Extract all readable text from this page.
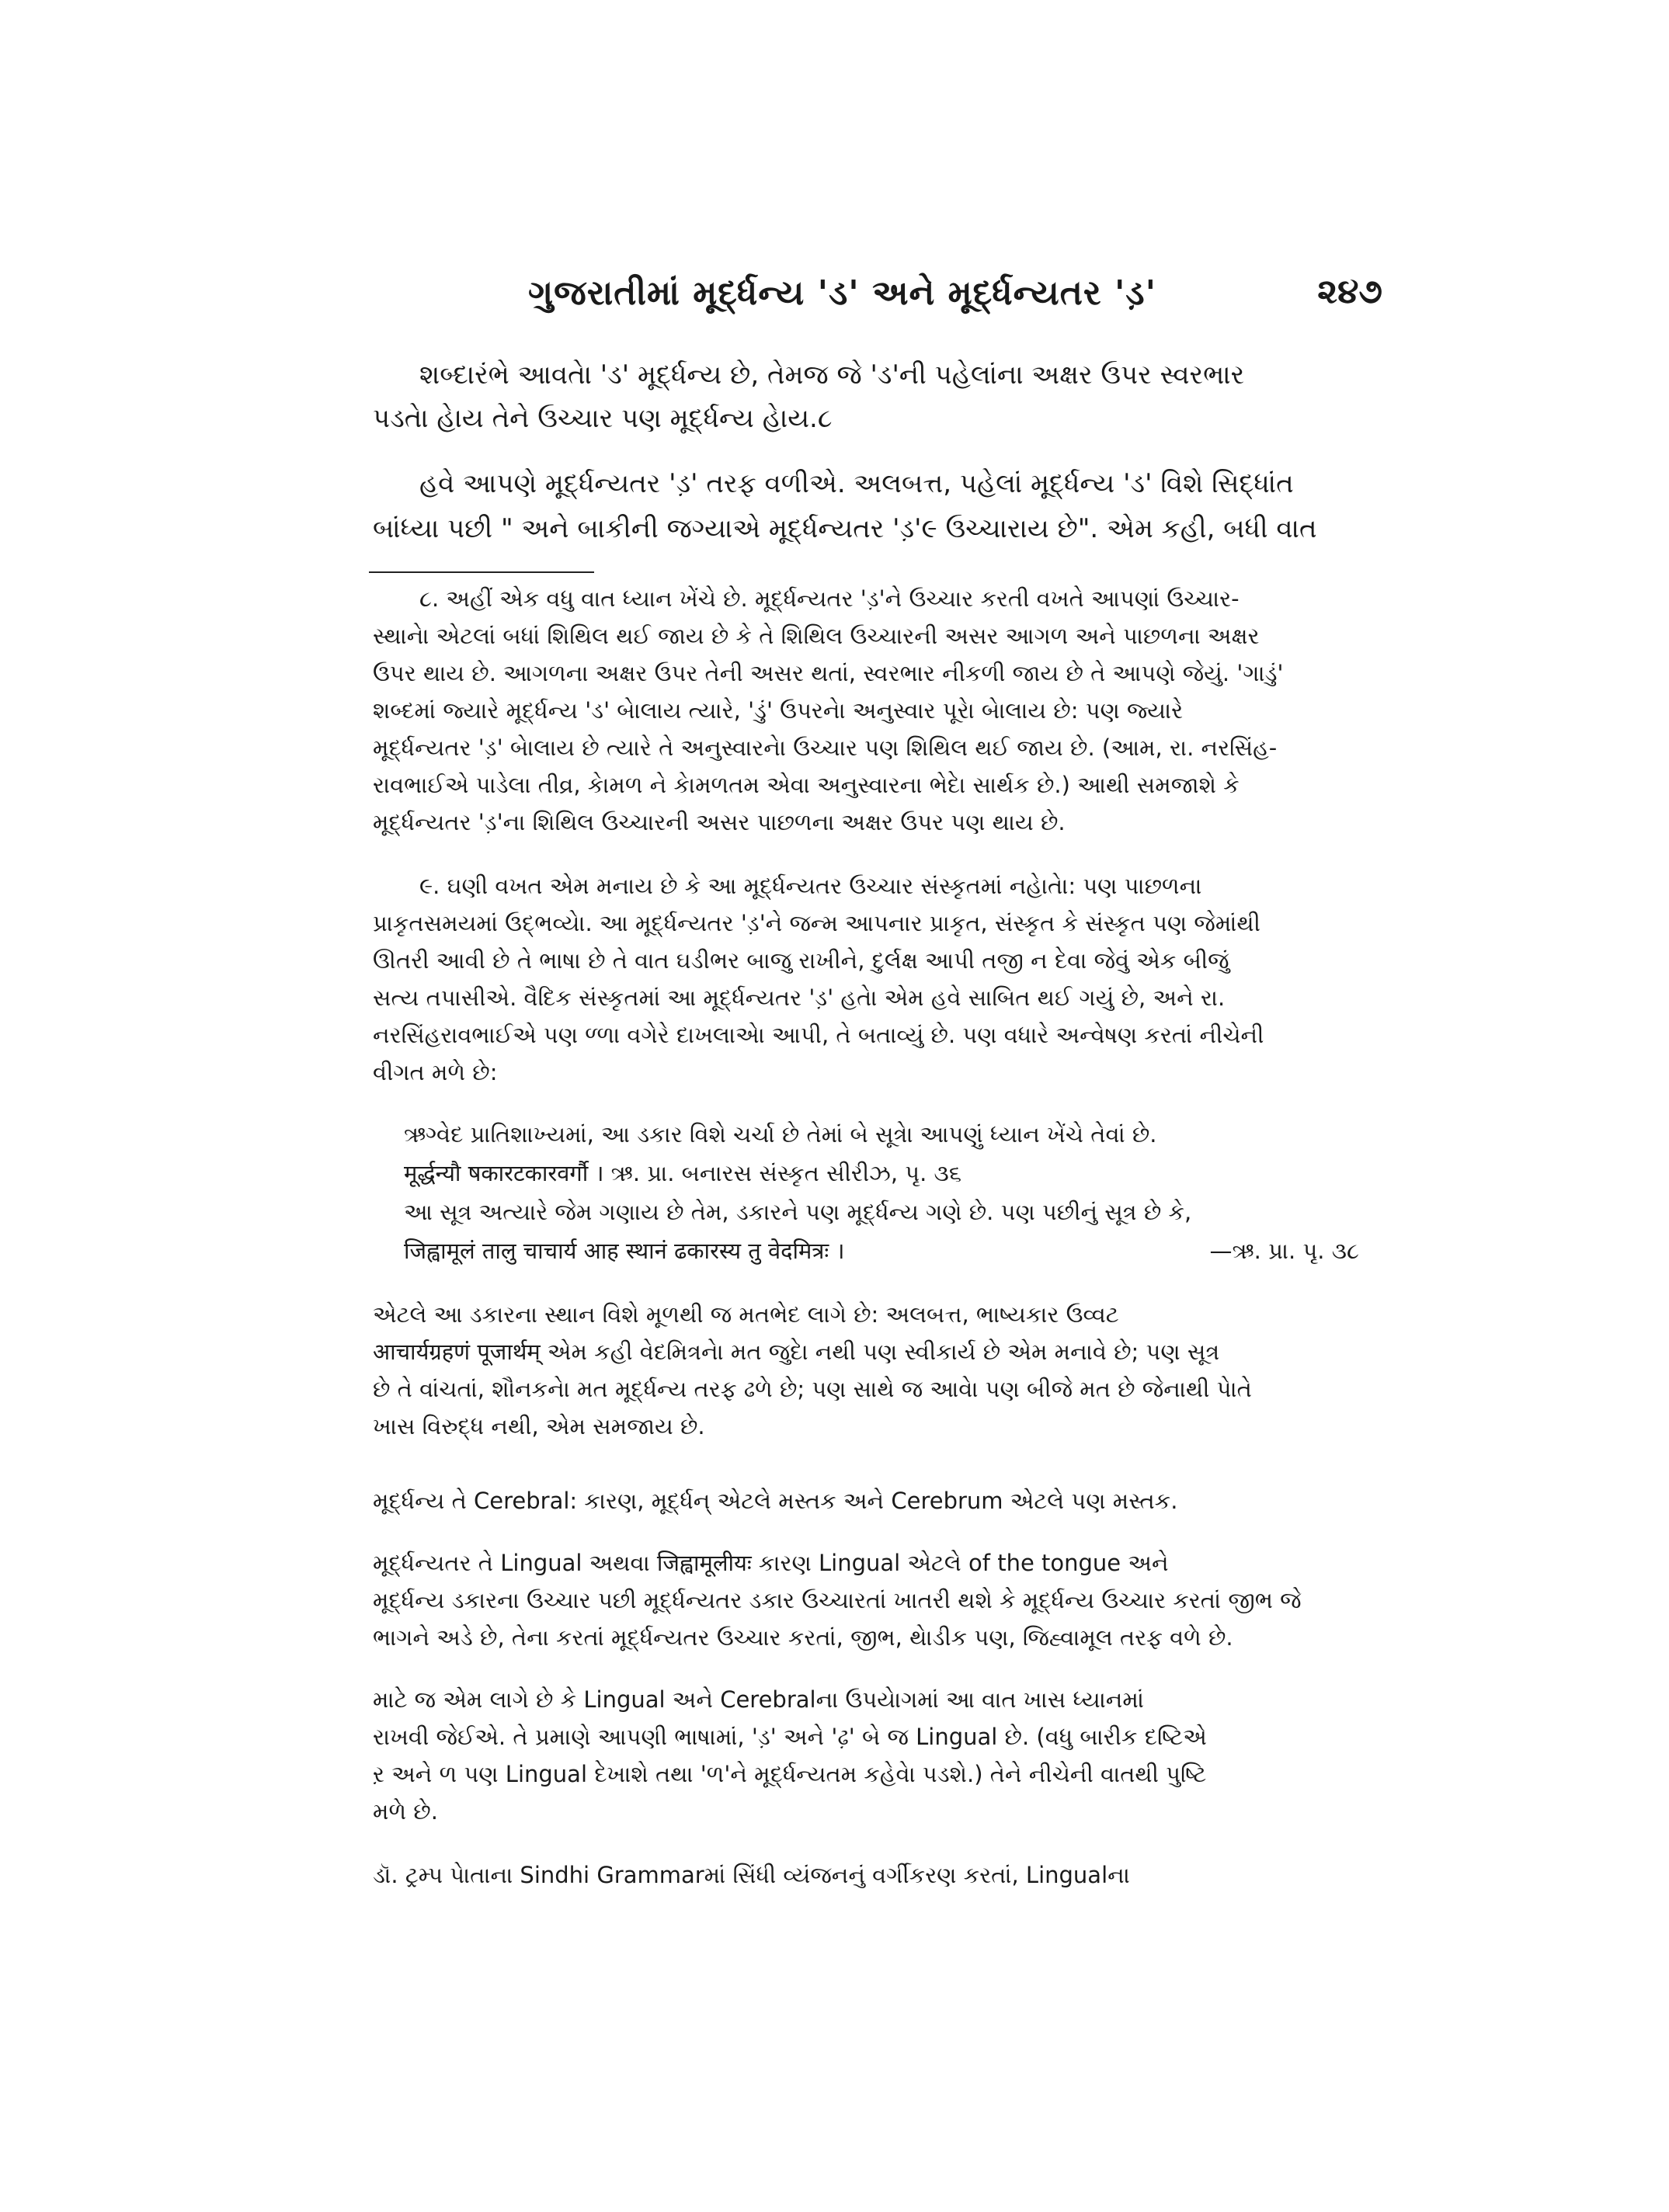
ગુજરાતીમાં મૂર્દ્ધન્ય 'ડ' અને મૂર્દ્ધન્યતર 'ડ઼'	૨૪૭
શબ્દારંભે આવતેા 'ડ' મૂર્દ્ધન્ય છે, તેમજ જે 'ડ'ની પહેલાંના અક્ષર ઉપર સ્વરભાર
પડતેા હેાય તેને ઉચ્ચાર પણ મૂર્દ્ધન્ય હેાય.૮
હવે આપણે મૂર્દ્ધન્યતર 'ડ઼' તરફ વળીએ. અલબત્ત, પહેલાં મૂર્દ્ધન્ય 'ડ' વિશે સિદ્ધાંત
બાંધ્યા પછી " અને બાકીની જગ્યાએ મૂર્દ્ધન્યતર 'ડ઼'૯ ઉચ્ચારાય છે". એમ કહી, બધી વાત
૮. અહીં એક વધુ વાત ધ્યાન ખેંચે છે. મૂર્દ્ધન્યતર 'ડ઼'ને ઉચ્ચાર કરતી વખતે આપણાં ઉચ્ચાર-
સ્થાનેા એટલાં બધાં શિથિલ થઈ જાય છે કે તે શિથિલ ઉચ્ચારની અસર આગળ અને પાછળના અક્ષર
ઉપર થાય છે. આગળના અક્ષર ઉપર તેની અસર થતાં, સ્વરભાર નીકળી જાય છે તે આપણે જેયું. 'ગાડું'
શબ્દમાં જ્યારે મૂર્દ્ધન્ય 'ડ' બેાલાય ત્યારે, 'ડું' ઉપરનેા અનુસ્વાર પૂરેા બેાલાય છે: પણ જ્યારે
મૂર્દ્ધન્યતર 'ડ઼' બેાલાય છે ત્યારે તે અનુસ્વારનેા ઉચ્ચાર પણ શિથિલ થઈ જાય છે. (આમ, રા. નરસિંહ-
રાવભાઈએ પાડેલા તીવ્ર, કેામળ ને કેામળતમ એવા અનુસ્વારના ભેદેા સાર્થક છે.) આથી સમજાશે કે
મૂર્દ્ધન્યતર 'ડ઼'ના શિથિલ ઉચ્ચારની અસર પાછળના અક્ષર ઉપર પણ થાય છે.
૯. ઘણી વખત એમ મનાય છે કે આ મૂર્દ્ધન્યતર ઉચ્ચાર સંસ્કૃતમાં નહેાતેા: પણ પાછળના
પ્રાકૃતસમયમાં ઉદ્ભવ્યેા. આ મૂર્દ્ધન્યતર 'ડ઼'ને જન્મ આપનાર પ્રાકૃત, સંસ્કૃત કે સંસ્કૃત પણ જેમાંથી
ઊતરી આવી છે તે ભાષા છે તે વાત ઘડીભર બાજુ રાખીને, દુર્લક્ષ આપી તજી ન દેવા જેવું એક બીજું
સત્ય તપાસીએ. વૈદિક સંસ્કૃતમાં આ મૂર્દ્ધન્યતર 'ડ઼' હતેા એમ હવે સાબિત થઈ ગયું છે, અને રા.
નરસિંહરાવભાઈએ પણ ળ્ળા વગેરે દાખલાએા આપી, તે બતાવ્યું છે. પણ વધારે અન્વેષણ કરતાં નીચેની
વીગત મળે છે:
ઋગ્વેદ પ્રાતિશાખ્યમાં, આ ડકાર વિશે ચર્ચા છે તેમાં બે સૂત્રેા આપણું ધ્યાન ખેંચે તેવાં છે.
मूर्द्धन्यौ षकारटकारवर्गौ । ઋ. પ્રા. બનારસ સંસ્કૃત સીરીઝ, પૃ. ૩૬
આ સૂત્ર અત્યારે જેમ ગણાય છે તેમ, ડકારને પણ મૂર્દ્ધન્ય ગણે છે. પણ પછીનું સૂત્ર છે કે,
जिह्वामूलं तालु चाचार्य आह स्थानं ढकारस्य तु वेदमित्रः ।	—ઋ. પ્રા. પૃ. ૩૮
એટલે આ ડકારના સ્થાન વિશે મૂળથી જ મતભેદ લાગે છે: અલબત્ત, ભાષ્યકાર ઉવ્વટ
आचार्यग्रहणं पूजार्थम् એમ કહી વેદમિત્રનેા મત જુદેા નથી પણ સ્વીકાર્ય છે એમ મનાવે છે; પણ સૂત્ર
છે તે વાંચતાં, શૌનકનેા મત મૂર્દ્ધન્ય તરફ ઢળે છે; પણ સાથે જ આવેા પણ બીજે મત છે જેનાથી પેાતે
ખાસ વિરુદ્ધ નથી, એમ સમજાય છે.
મૂર્દ્ધન્ય તે Cerebral: કારણ, મૂર્દ્ધન્ એટલે મસ્તક અને Cerebrum એટલે પણ મસ્તક.
મૂર્દ્ધન્યતર તે Lingual અથવા जिह्वामूलीयः કારણ Lingual એટલે of the tongue અને
મૂર્દ્ધન્ય ડકારના ઉચ્ચાર પછી મૂર્દ્ધન્યતર ડકાર ઉચ્ચારતાં ખાતરી થશે કે મૂર્દ્ધન્ય ઉચ્ચાર કરતાં જીભ જે
ભાગને અડે છે, તેના કરતાં મૂર્દ્ધન્યતર ઉચ્ચાર કરતાં, જીભ, થેાડીક પણ, જિહ્વામૂલ તરફ વળે છે.
માટે જ એમ લાગે છે કે Lingual અને Cerebralના ઉપયેાગમાં આ વાત ખાસ ધ્યાનમાં
રાખવી જેઈએ. તે પ્રમાણે આપણી ભાષામાં, 'ડ઼' અને 'ઢ઼' બે જ Lingual છે. (વધુ બારીક દષ્ટિએ
ર઼ અને ળ પણ Lingual દેખાશે તથા 'ળ'ને મૂર્દ્ધન્યતમ કહેવેા પડશે.) તેને નીચેની વાતથી પુષ્ટિ
મળે છે.
ડૉ. ટ્રમ્પ પેાતાના Sindhi Grammarમાં સિંધી વ્યંજનનું વર્ગીકરણ કરતાં, Lingualના
